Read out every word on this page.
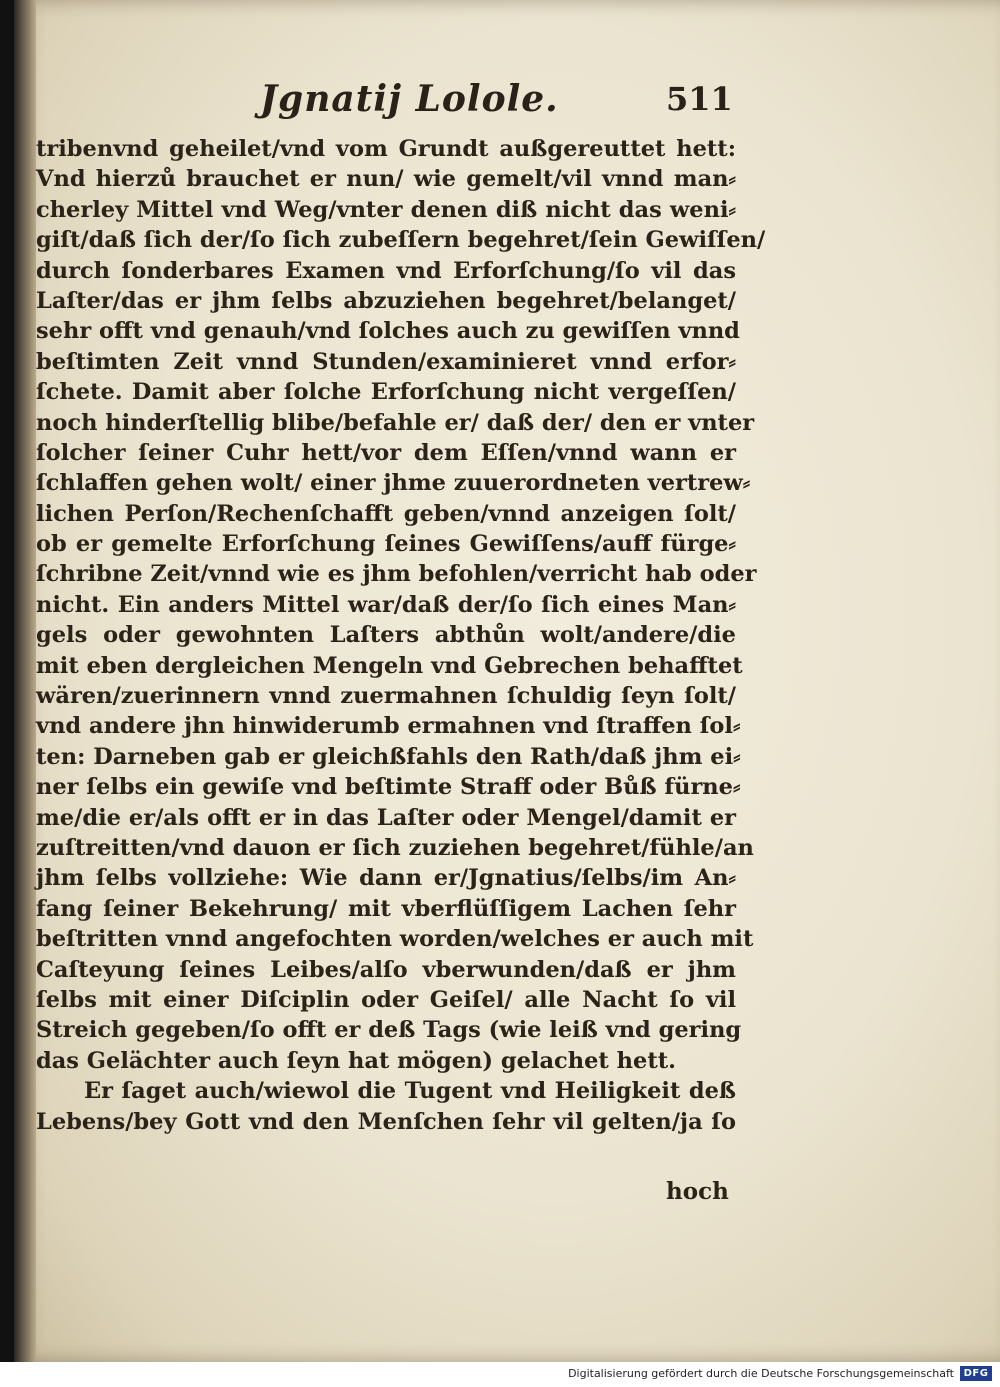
Jgnatij Lolole.	511
tribenvnd geheilet/vnd vom Grundt außgereuttet hett:
Vnd hierzů brauchet er nun/ wie gemelt/vil vnnd man⸗
cherley Mittel vnd Weg/vnter denen diß nicht das weni⸗
giſt/daß ſich der/ſo ſich zubeſſern begehret/ſein Gewiſſen/
durch ſonderbares Examen vnd Erforſchung/ſo vil das
Laſter/das er jhm ſelbs abzuziehen begehret/belanget/
sehr offt vnd genauh/vnd ſolches auch zu gewiſſen vnnd
beſtimten Zeit vnnd Stunden/examinieret vnnd erfor⸗
ſchete. Damit aber ſolche Erforſchung nicht vergeſſen/
noch hinderſtellig blibe/befahle er/ daß der/ den er vnter
ſolcher ſeiner Cuhr hett/vor dem Eſſen/vnnd wann er
ſchlaffen gehen wolt/ einer jhme zuuerordneten vertrew⸗
lichen Perſon/Rechenſchafft geben/vnnd anzeigen ſolt/
ob er gemelte Erforſchung ſeines Gewiſſens/auff fürge⸗
ſchribne Zeit/vnnd wie es jhm befohlen/verricht hab oder
nicht. Ein anders Mittel war/daß der/ſo ſich eines Man⸗
gels oder gewohnten Laſters abthůn wolt/andere/die
mit eben dergleichen Mengeln vnd Gebrechen behafftet
wären/zuerinnern vnnd zuermahnen ſchuldig ſeyn ſolt/
vnd andere jhn hinwiderumb ermahnen vnd ſtraffen ſol⸗
ten: Darneben gab er gleichßfahls den Rath/daß jhm ei⸗
ner ſelbs ein gewiſe vnd beſtimte Straff oder Bůß fürne⸗
me/die er/als offt er in das Laſter oder Mengel/damit er
zuſtreitten/vnd dauon er ſich zuziehen begehret/fühle/an
jhm ſelbs vollziehe: Wie dann er/Jgnatius/ſelbs/im An⸗
fang ſeiner Bekehrung/ mit vberflüſſigem Lachen ſehr
beſtritten vnnd angefochten worden/welches er auch mit
Caſteyung ſeines Leibes/alſo vberwunden/daß er jhm
ſelbs mit einer Diſciplin oder Geiſel/ alle Nacht ſo vil
Streich gegeben/ſo offt er deß Tags (wie leiß vnd gering
das Gelächter auch ſeyn hat mögen) gelachet hett.
Er ſaget auch/wiewol die Tugent vnd Heiligkeit deß
Lebens/bey Gott vnd den Menſchen ſehr vil gelten/ja ſo
hoch
Digitalisierung gefördert durch die Deutsche Forschungsgemeinschaft DFG
